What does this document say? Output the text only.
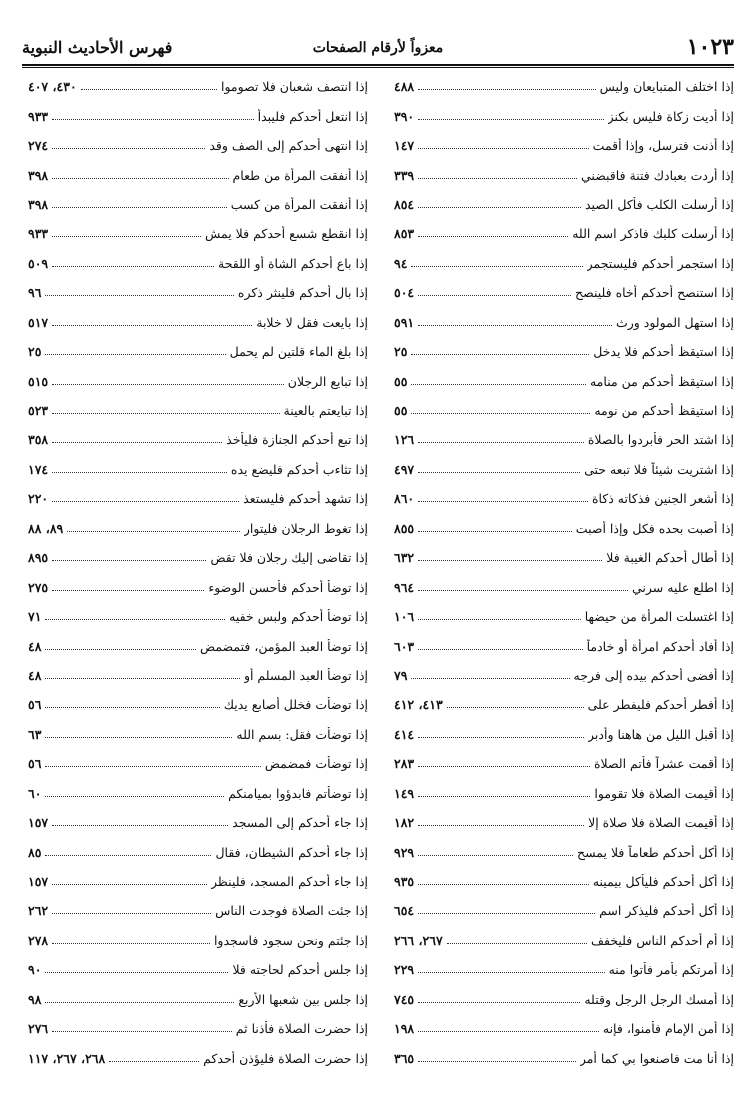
١٠٢٣
معزواً لأرقام الصفحات
فهرس الأحاديث النبوية
إذا اختلف المتبايعان وليس
٤٨٨
إذا أديت زكاة فليس بكنز
٣٩٠
إذا أذنت فترسل، وإذا أقمت
١٤٧
إذا أردت بعبادك فتنة فاقبضني
٣٣٩
إذا أرسلت الكلب فأكل الصيد
٨٥٤
إذا أرسلت كلبك فاذكر اسم الله
٨٥٣
إذا استجمر أحدكم فليستجمر
٩٤
إذا استنصح أحدكم أخاه فلينصح
٥٠٤
إذا استهل المولود ورث
٥٩١
إذا استيقظ أحدكم فلا يدخل
٢٥
إذا استيقظ أحدكم من منامه
٥٥
إذا استيقظ أحدكم من نومه
٥٥
إذا اشتد الحر فأبردوا بالصلاة
١٢٦
إذا اشتريت شيئاً فلا تبعه حتى
٤٩٧
إذا أشعر الجنين فذكاته ذكاة
٨٦٠
إذا أصبت بحده فكل وإذا أصبت
٨٥٥
إذا أطال أحدكم الغيبة فلا
٦٣٢
إذا اطلع عليه سرني
٩٦٤
إذا اغتسلت المرأة من حيضها
١٠٦
إذا أفاد أحدكم امرأة أو خادماً
٦٠٣
إذا أفضى أحدكم بيده إلى فرجه
٧٩
إذا أفطر أحدكم فليفطر على
٤١٣، ٤١٢
إذا أقبل الليل من هاهنا وأدبر
٤١٤
إذا أقمت عشراً فأتم الصلاة
٢٨٣
إذا أقيمت الصلاة فلا تقوموا
١٤٩
إذا أقيمت الصلاة فلا صلاة إلا
١٨٢
إذا أكل أحدكم طعاماً فلا يمسح
٩٢٩
إذا أكل أحدكم فليأكل بيمينه
٩٣٥
إذا أكل أحدكم فليذكر اسم
٦٥٤
إذا أم أحدكم الناس فليخفف
٢٦٧، ٢٦٦
إذا أمرتكم بأمر فأتوا منه
٢٢٩
إذا أمسك الرجل الرجل وقتله
٧٤٥
إذا أمن الإمام فأمنوا، فإنه
١٩٨
إذا أنا مت فاصنعوا بي كما أمر
٣٦٥
إذا انتصف شعبان فلا تصوموا
٤٣٠، ٤٠٧
إذا انتعل أحدكم فليبدأ
٩٣٣
إذا انتهى أحدكم إلى الصف وقد
٢٧٤
إذا أنفقت المرأة من طعام
٣٩٨
إذا أنفقت المرأة من كسب
٣٩٨
إذا انقطع شسع أحدكم فلا يمش
٩٣٣
إذا باع أحدكم الشاة أو اللقحة
٥٠٩
إذا بال أحدكم فلينثر ذكره
٩٦
إذا بايعت فقل لا خلابة
٥١٧
إذا بلغ الماء قلتين لم يحمل
٢٥
إذا تبايع الرجلان
٥١٥
إذا تبايعتم بالعينة
٥٢٣
إذا تبع أحدكم الجنازة فليأخذ
٣٥٨
إذا تثاءب أحدكم فليضع يده
١٧٤
إذا تشهد أحدكم فليستعذ
٢٢٠
إذا تغوط الرجلان فليتوار
٨٩، ٨٨
إذا تقاضى إليك رجلان فلا تقض
٨٩٥
إذا توضأ أحدكم فأحسن الوضوء
٢٧٥
إذا توضأ أحدكم ولبس خفيه
٧١
إذا توضأ العبد المؤمن، فتمضمض
٤٨
إذا توضأ العبد المسلم أو
٤٨
إذا توضأت فخلل أصابع يديك
٥٦
إذا توضأت فقل: بسم الله
٦٣
إذا توضأت فمضمض
٥٦
إذا توضأتم فابدؤوا بميامنكم
٦٠
إذا جاء أحدكم إلى المسجد
١٥٧
إذا جاء أحدكم الشيطان، فقال
٨٥
إذا جاء أحدكم المسجد، فلينظر
١٥٧
إذا جئت الصلاة فوجدت الناس
٢٦٢
إذا جئتم ونحن سجود فاسجدوا
٢٧٨
إذا جلس أحدكم لحاجته فلا
٩٠
إذا جلس بين شعبها الأربع
٩٨
إذا حضرت الصلاة فأذنا ثم
٢٧٦
إذا حضرت الصلاة فليؤذن أحدكم
٢٦٨، ٢٦٧، ١١٧
